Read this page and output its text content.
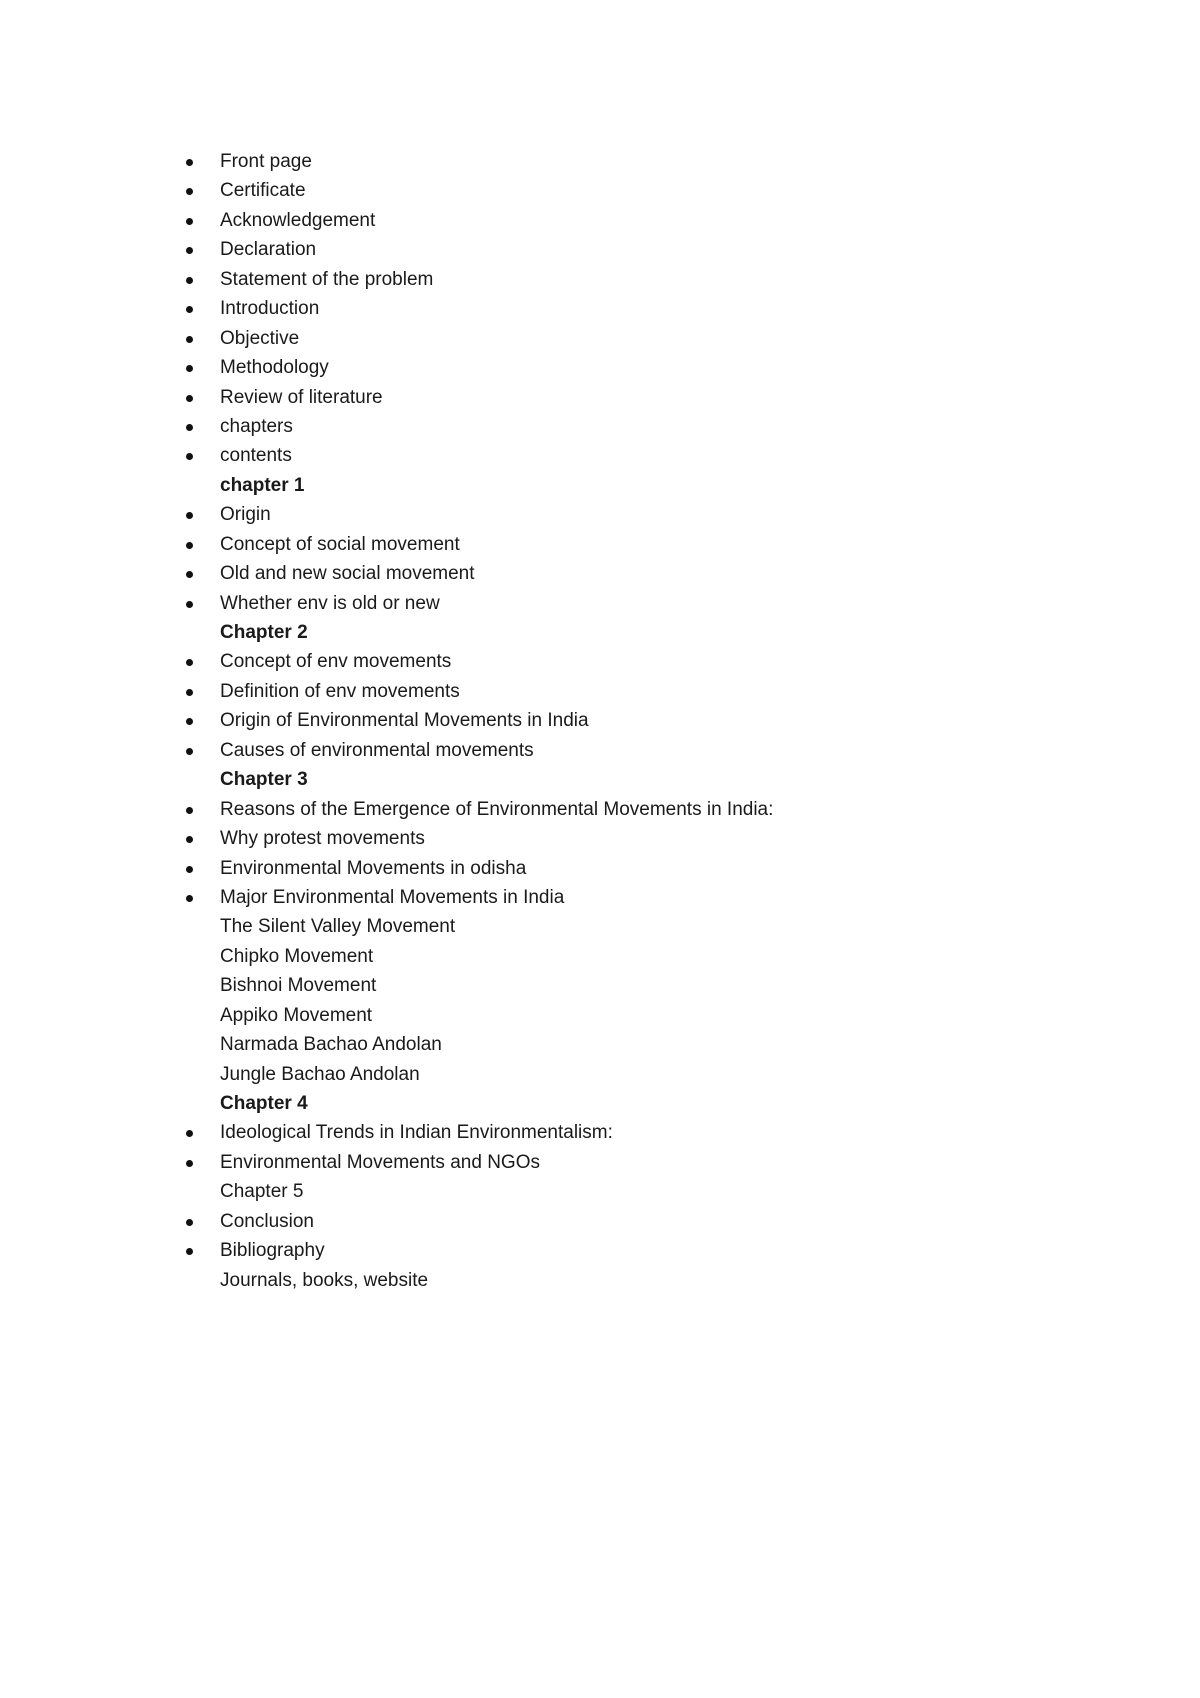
Front page
Certificate
Acknowledgement
Declaration
Statement of the problem
Introduction
Objective
Methodology
Review of literature
chapters
contents
chapter 1
Origin
Concept of social movement
Old and new social movement
Whether env is old or new
Chapter 2
Concept of env movements
Definition of env movements
Origin of Environmental Movements in India
Causes of environmental movements
Chapter 3
Reasons of the Emergence of Environmental Movements in India:
Why protest movements
Environmental Movements in odisha
Major Environmental Movements in India
The Silent Valley Movement
Chipko Movement
Bishnoi Movement
Appiko Movement
Narmada Bachao Andolan
Jungle Bachao Andolan
Chapter 4
Ideological Trends in Indian Environmentalism:
Environmental Movements and NGOs
Chapter 5
Conclusion
Bibliography
Journals, books, website
